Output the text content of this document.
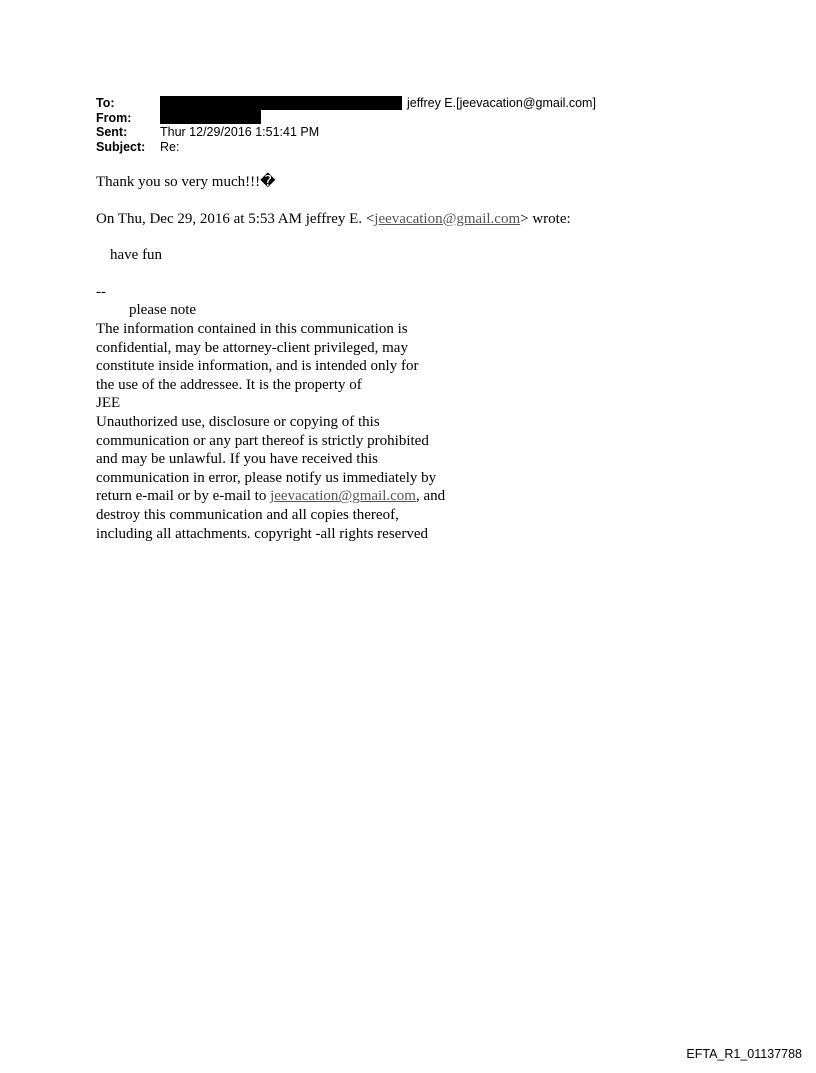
To:	jeffrey E.[jeevacation@gmail.com]
From:
Sent:	Thur 12/29/2016 1:51:41 PM
Subject: Re:

Thank you so very much!!!�

On Thu, Dec 29, 2016 at 5:53 AM jeffrey E. <jeevacation@gmail.com> wrote:

have fun

--

please note

The information contained in this communication is

confidential, may be attorney-client privileged, may

constitute inside information, and is intended only for

the use of the addressee. It is the property of

JEE

Unauthorized use, disclosure or copying of this

communication or any part thereof is strictly prohibited

and may be unlawful. If you have received this

communication in error, please notify us immediately by

return e-mail or by e-mail to jeevacation@gmail.com, and

destroy this communication and all copies thereof,

including all attachments. copyright -all rights reserved

EFTA_R1_01137788
